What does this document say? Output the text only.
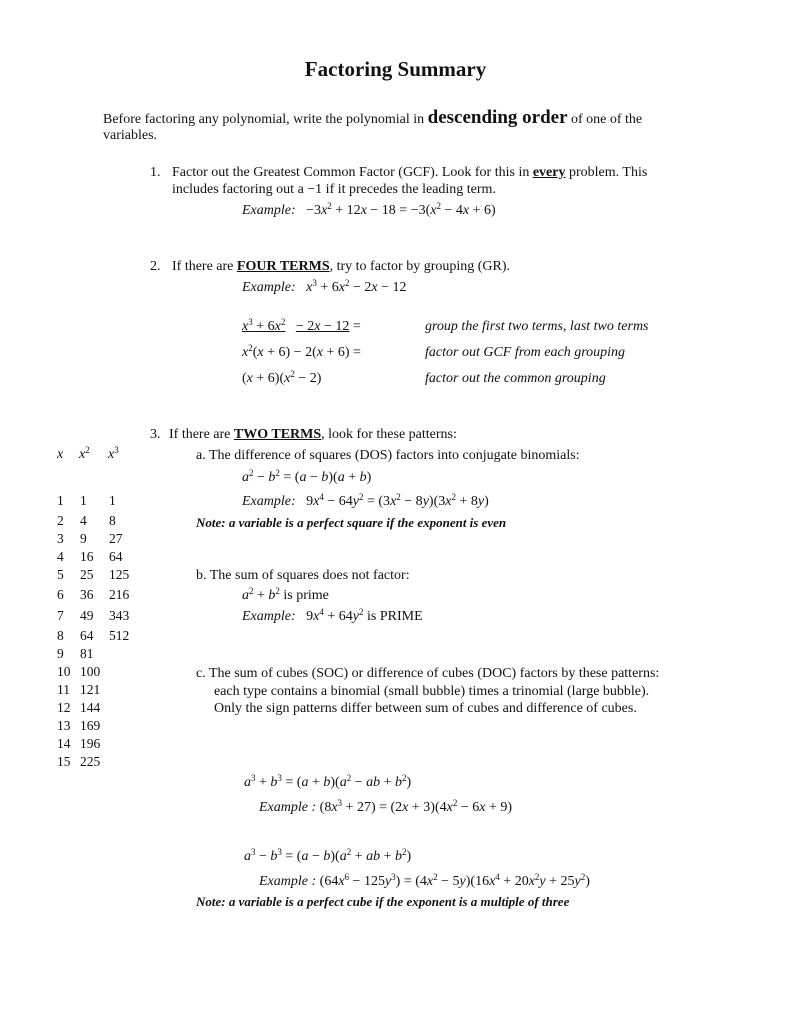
Factoring Summary
Before factoring any polynomial, write the polynomial in descending order of one of the
variables.
1. Factor out the Greatest Common Factor (GCF). Look for this in every problem. This
includes factoring out a −1 if it precedes the leading term.
Example:   $-3x^2 + 12x - 18 = -3(x^2 - 4x + 6)$
2. If there are FOUR TERMS, try to factor by grouping (GR).
Example: $x^3 + 6x^2 - 2x - 12$
$x^3 + 6x^2 - 2x - 12$ =	group the first two terms, last two terms
$x^2(x + 6) - 2(x + 6)$ =	factor out GCF from each grouping
$(x + 6)(x^2 - 2)$	factor out the common grouping
3. If there are TWO TERMS, look for these patterns:
a. The difference of squares (DOS) factors into conjugate binomials:
$a^2 - b^2 = (a - b)(a + b)$
Example:   $9x^4 - 64y^2 = (3x^2 - 8y)(3x^2 + 8y)$
Note: a variable is a perfect square if the exponent is even
b. The sum of squares does not factor:
$a^2 + b^2$ is prime
Example:   $9x^4 + 64y^2$ is PRIME
c. The sum of cubes (SOC) or difference of cubes (DOC) factors by these patterns:
each type contains a binomial (small bubble) times a trinomial (large bubble).
Only the sign patterns differ between sum of cubes and difference of cubes.
$a^3 + b^3 = (a + b)(a^2$ − ab + $b^2$)
Example : $(8x^3 + 27) = (2x + 3)(4x^2 - 6x + 9)$
$a^3 - b^3 = (a - b)(a^2$ + ab + $b^2$)
Example : $(64x^6 - 125y^3) = (4x^2 - 5y)(16x^4 + 20x^2y + 25y^2)$
Note: a variable is a perfect cube if the exponent is a multiple of three
x $x^2$ $x^3$
1 1 1
2 4 8
3 9 27
4 16 64
5 25 125
6 36 216
7 49 343
8 64 512
9 81
10 100
11 121
12 144
13 169
14 196
15 225
